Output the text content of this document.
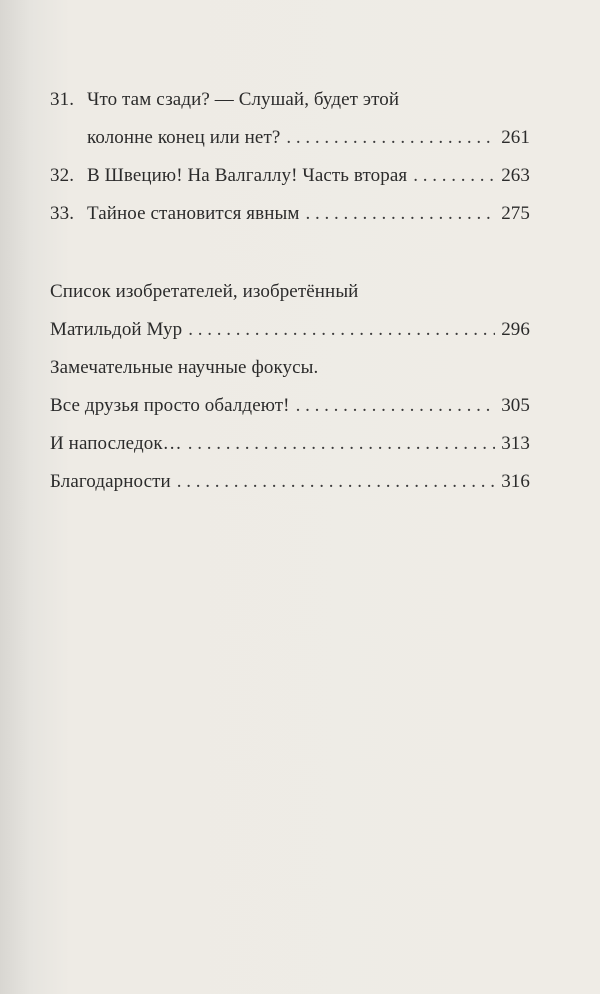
31. Что там сзади? — Слушай, будет этой
колонне конец или нет? . . .	261
32. В Швецию! На Валгаллу! Часть вторая . . .	263
33. Тайное становится явным . . .	275
Список изобретателей, изобретённый
Матильдой Мур . . .	296
Замечательные научные фокусы.
Все друзья просто обалдеют! . . .	305
И напоследок… . . .	313
Благодарности . . .	316
